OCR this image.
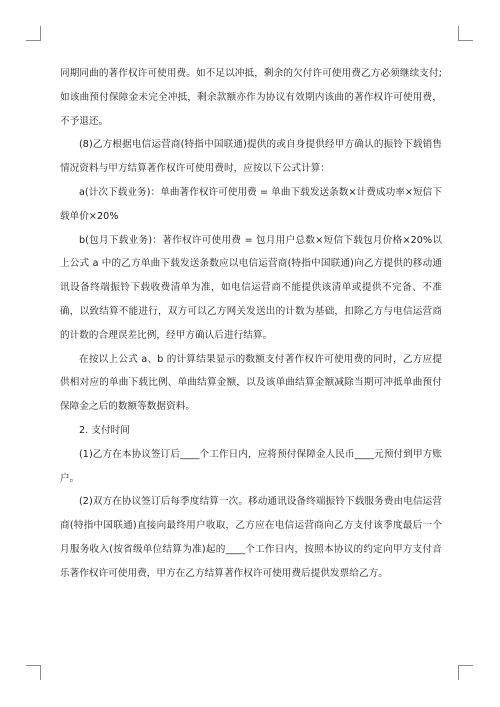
同期同曲的著作权许可使用费。如不足以冲抵，剩余的欠付许可使用费乙方必须继续支付;如该曲预付保障金未完全冲抵，剩余款额亦作为协议有效期内该曲的著作权许可使用费，不予退还。

(8)乙方根据电信运营商(特指中国联通)提供的或自身提供经甲方确认的振铃下载销售情况资料与甲方结算著作权许可使用费时，应按以下公式计算：

a(计次下载业务)：单曲著作权许可使用费 = 单曲下载发送条数×计费成功率×短信下载单价×20%

b(包月下载业务)：著作权许可使用费 = 包月用户总数×短信下载包月价格×20%以上公式 a 中的乙方单曲下载发送条数应以电信运营商(特指中国联通)向乙方提供的移动通讯设备终端振铃下载收费清单为准，如电信运营商不能提供该清单或提供不完备、不准确，以致结算不能进行，双方可以乙方网关发送出的计数为基础，扣除乙方与电信运营商的计数的合理误差比例，经甲方确认后进行结算。

在按以上公式 a、b 的计算结果显示的数额支付著作权许可使用费的同时，乙方应提供相对应的单曲下载比例、单曲结算金额，以及该单曲结算金额减除当期可冲抵单曲预付保障金之后的数额等数据资料。

2. 支付时间

(1)乙方在本协议签订后____个工作日内，应将预付保障金人民币____元预付到甲方账户。

(2)双方在协议签订后每季度结算一次。移动通讯设备终端振铃下载服务费由电信运营商(特指中国联通)直接向最终用户收取，乙方应在电信运营商向乙方支付该季度最后一个月服务收入(按省级单位结算为准)起的____个工作日内，按照本协议的约定向甲方支付音乐著作权许可使用费，甲方在乙方结算著作权许可使用费后提供发票给乙方。
